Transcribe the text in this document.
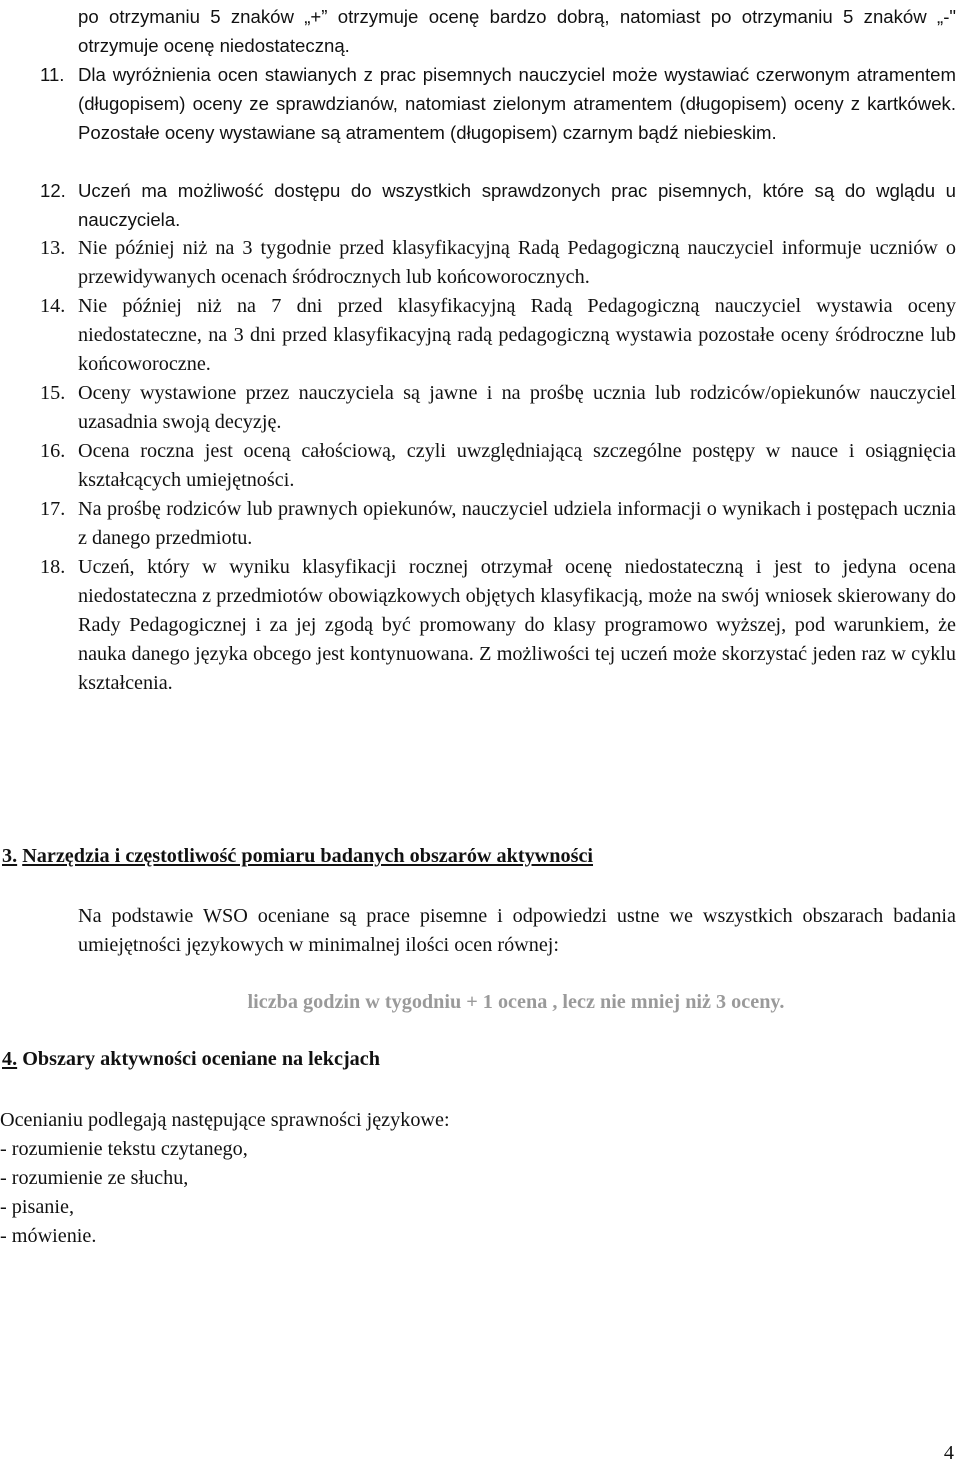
po otrzymaniu 5 znaków „+” otrzymuje ocenę bardzo dobrą, natomiast po otrzymaniu 5 znaków „-" otrzymuje ocenę niedostateczną.
11. Dla wyróżnienia ocen stawianych z prac pisemnych nauczyciel może wystawiać czerwonym atramentem (długopisem) oceny ze sprawdzianów, natomiast zielonym atramentem (długopisem) oceny z kartkówek. Pozostałe oceny wystawiane są atramentem (długopisem) czarnym bądź niebieskim.
12. Uczeń ma możliwość dostępu do wszystkich sprawdzonych prac pisemnych, które są do wglądu u nauczyciela.
13. Nie później niż na 3 tygodnie przed klasyfikacyjną Radą Pedagogiczną nauczyciel informuje uczniów o przewidywanych ocenach śródrocznych lub końcoworocznych.
14. Nie później niż na 7 dni przed klasyfikacyjną Radą Pedagogiczną nauczyciel wystawia oceny niedostateczne, na 3 dni przed klasyfikacyjną radą pedagogiczną wystawia pozostałe oceny śródroczne lub końcoworoczne.
15. Oceny wystawione przez nauczyciela są jawne i na prośbę ucznia lub rodziców/opiekunów nauczyciel uzasadnia swoją decyzję.
16. Ocena roczna jest oceną całościową, czyli uwzględniającą szczególne postępy w nauce i osiągnięcia kształcących umiejętności.
17. Na prośbę rodziców lub prawnych opiekunów, nauczyciel udziela informacji o wynikach i postępach ucznia z danego przedmiotu.
18. Uczeń, który w wyniku klasyfikacji rocznej otrzymał ocenę niedostateczną i jest to jedyna ocena niedostateczna z przedmiotów obowiązkowych objętych klasyfikacją, może na swój wniosek skierowany do Rady Pedagogicznej i za jej zgodą być promowany do klasy programowo wyższej, pod warunkiem, że nauka danego języka obcego jest kontynuowana. Z możliwości tej uczeń może skorzystać jeden raz w cyklu kształcenia.
3. Narzędzia i częstotliwość pomiaru badanych obszarów aktywności
Na podstawie WSO oceniane są prace pisemne i odpowiedzi ustne we wszystkich obszarach badania umiejętności językowych w minimalnej ilości ocen równej:
liczba godzin w tygodniu + 1 ocena , lecz nie mniej niż 3 oceny.
4. Obszary aktywności oceniane na lekcjach
Ocenianiu podlegają następujące sprawności językowe:
- rozumienie tekstu czytanego,
- rozumienie ze słuchu,
- pisanie,
- mówienie.
4
